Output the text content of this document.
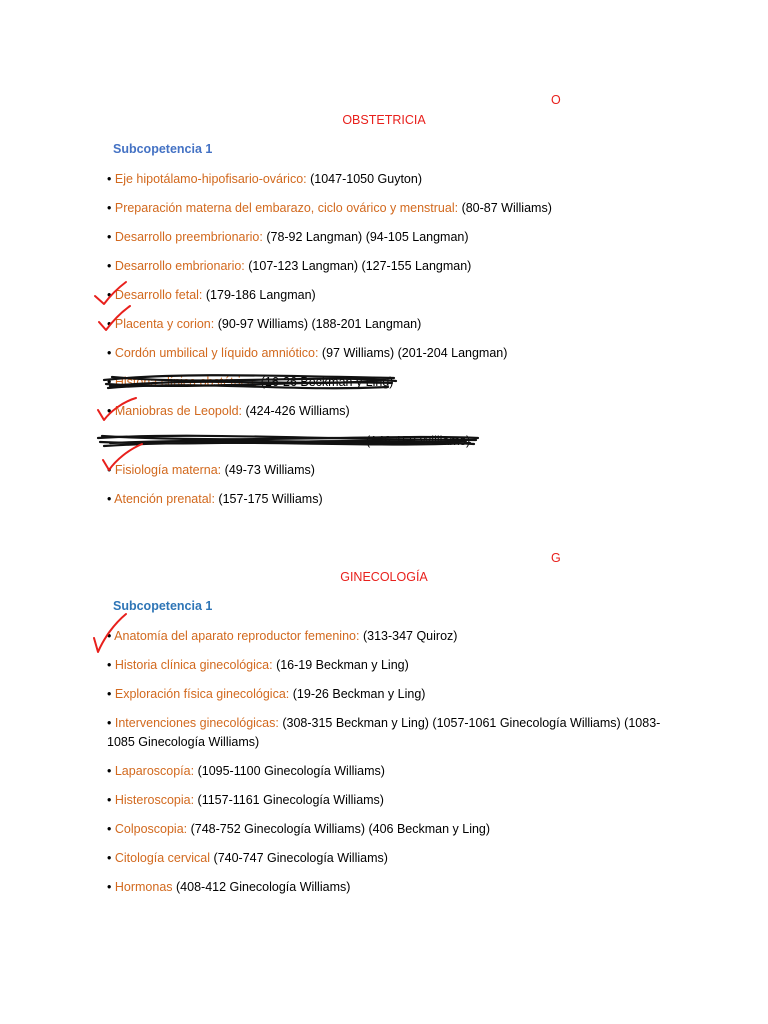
O
OBSTETRICIA
Subcopetencia 1
• Eje hipotálamo-hipofisario-ovárico: (1047-1050 Guyton)
• Preparación materna del embarazo, ciclo ovárico y menstrual: (80-87 Williams)
• Desarrollo preembrionario: (78-92 Langman) (94-105 Langman)
• Desarrollo embrionario: (107-123 Langman) (127-155 Langman)
• Desarrollo fetal: (179-186 Langman)
• Placenta y corion: (90-97 Williams) (188-201 Langman)
• Cordón umbilical y líquido amniótico: (97 Williams) (201-204 Langman)
• Historia clínica obstétrica: (16-26 Beckman y Ling)
• Maniobras de Leopold: (424-426 Williams)
(146-158 Williams)
• Fisiología materna: (49-73 Williams)
• Atención prenatal: (157-175 Williams)
G
GINECOLOGÍA
Subcopetencia 1
• Anatomía del aparato reproductor femenino: (313-347 Quiroz)
• Historia clínica ginecológica: (16-19 Beckman y Ling)
• Exploración física ginecológica: (19-26 Beckman y Ling)
• Intervenciones ginecológicas: (308-315 Beckman y Ling) (1057-1061 Ginecología Williams) (1083-1085 Ginecología Williams)
• Laparoscopía: (1095-1100 Ginecología Williams)
• Histeroscopia: (1157-1161 Ginecología Williams)
• Colposcopia: (748-752 Ginecología Williams) (406 Beckman y Ling)
• Citología cervical (740-747 Ginecología Williams)
• Hormonas (408-412 Ginecología Williams)
